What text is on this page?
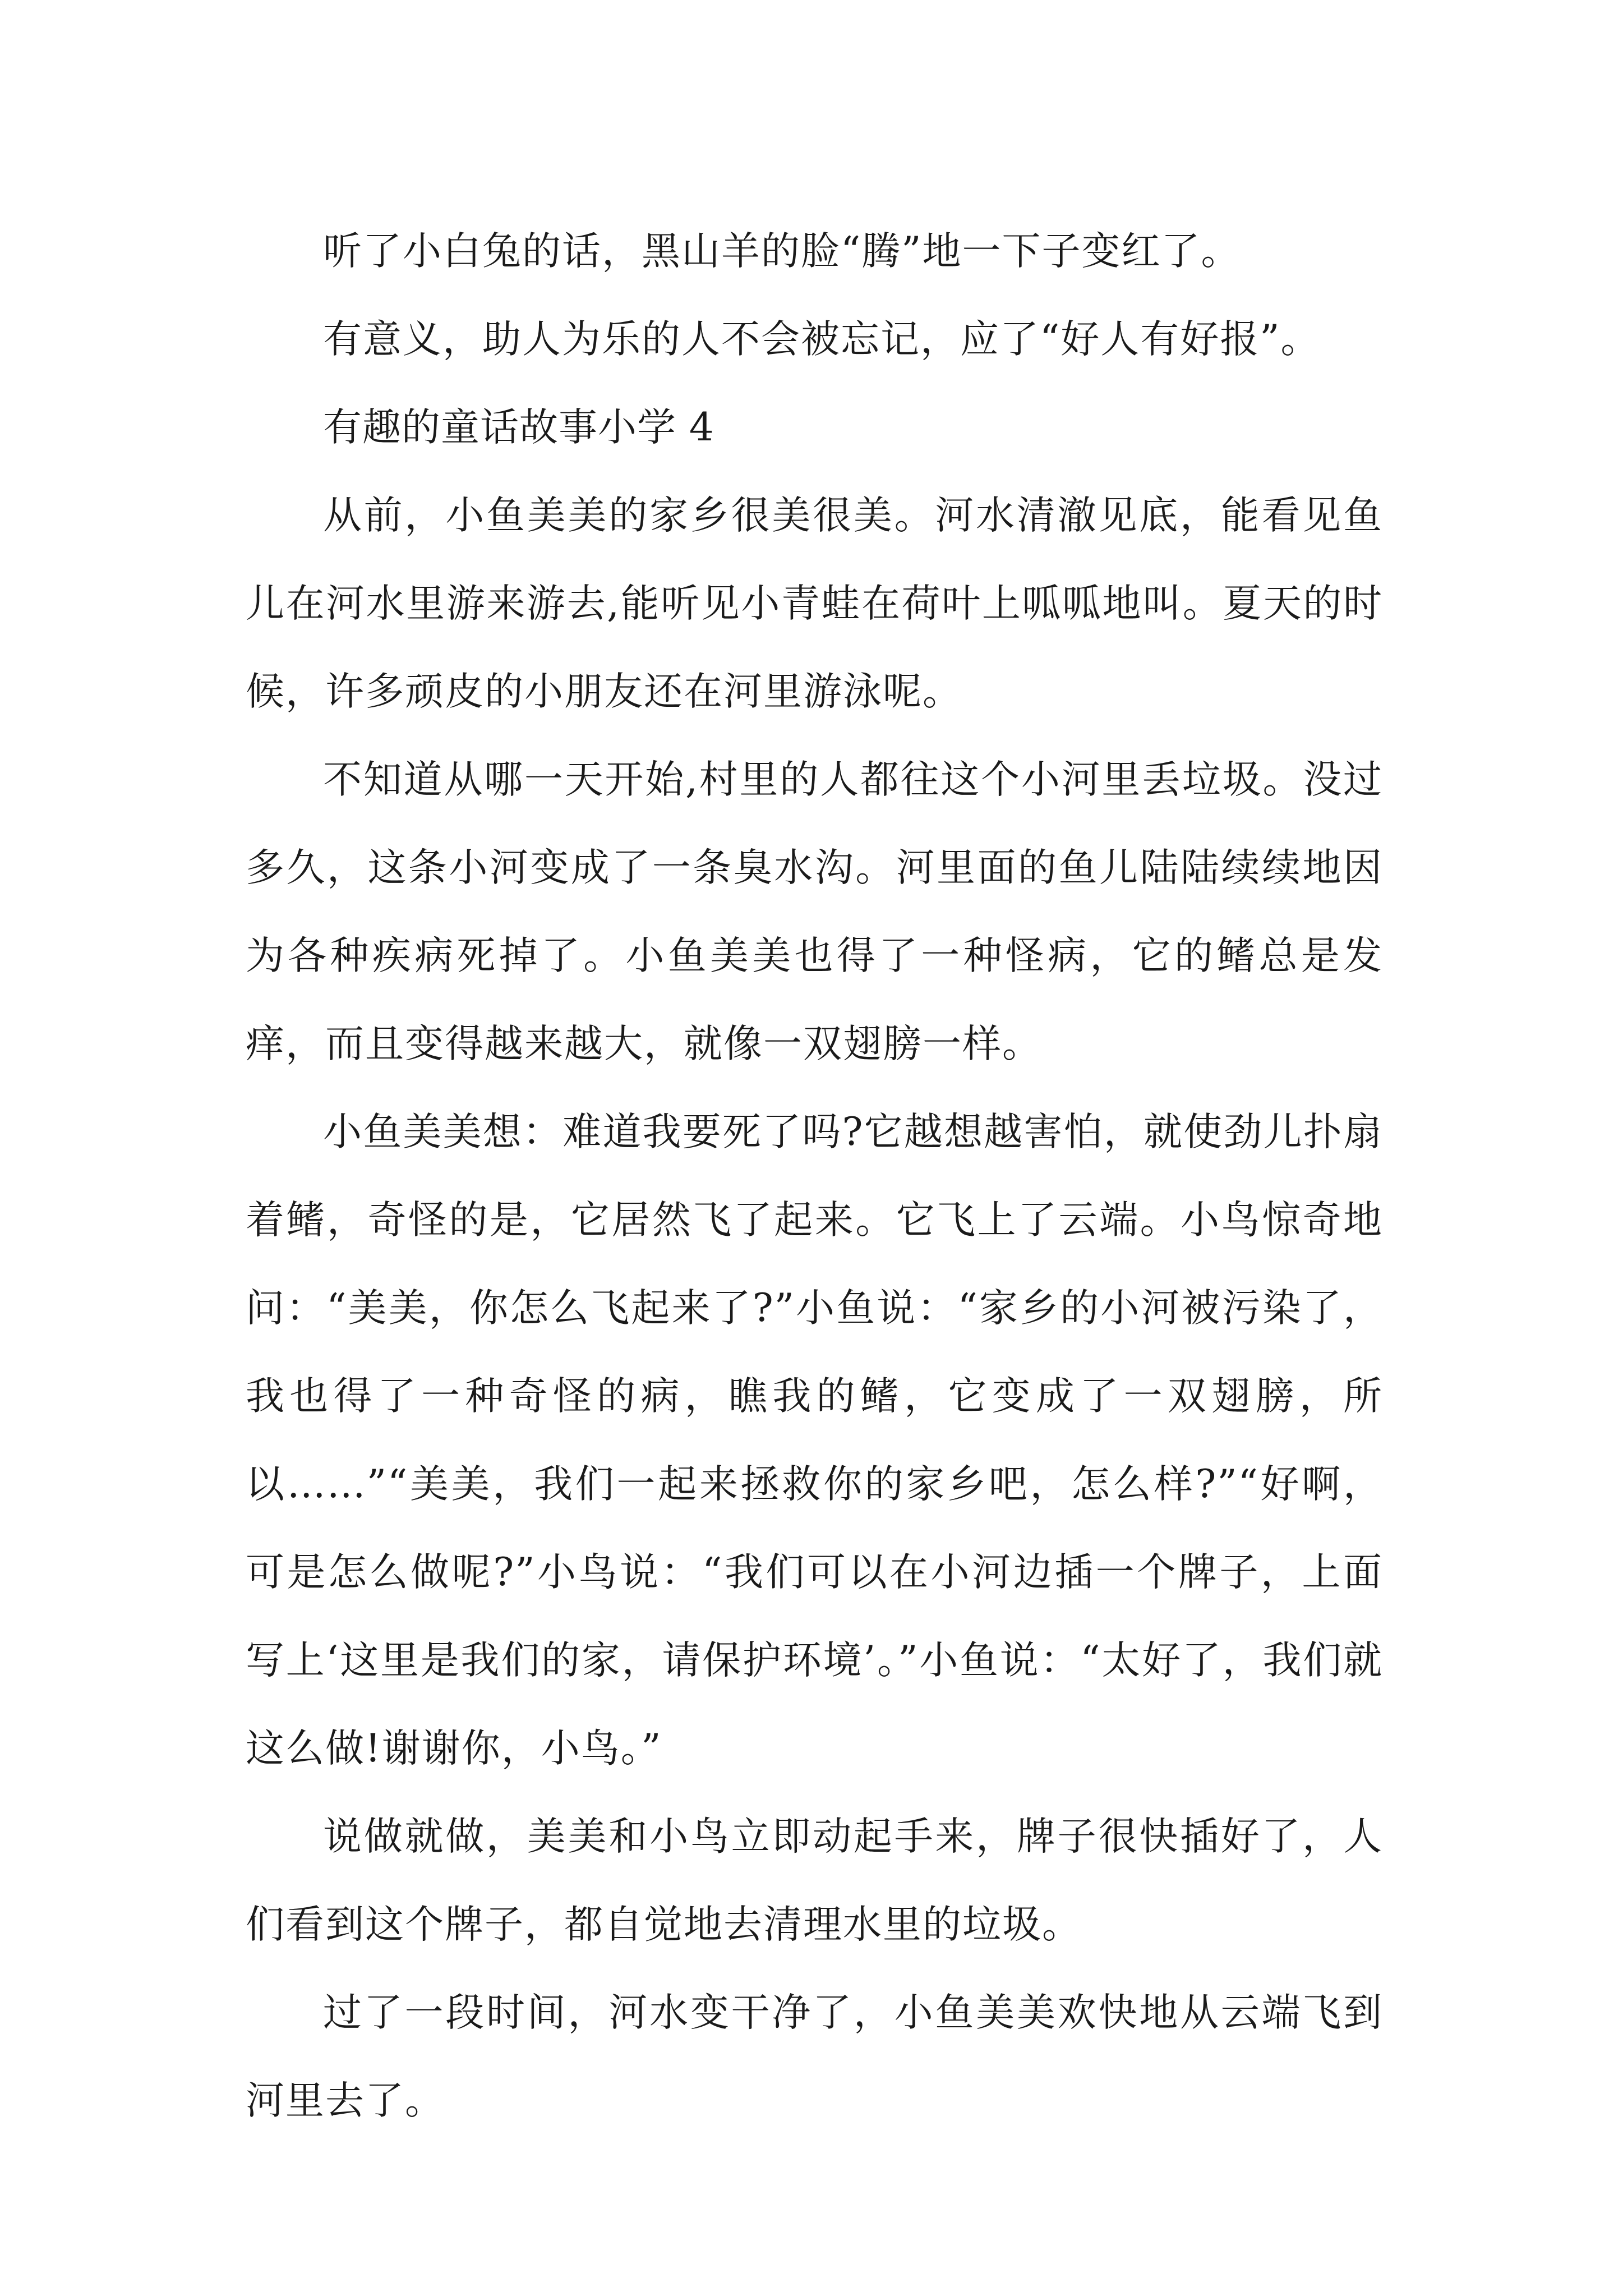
听了小白兔的话，黑山羊的脸“腾”地一下子变红了。

有意义，助人为乐的人不会被忘记，应了“好人有好报”。

有趣的童话故事小学 4

从前，小鱼美美的家乡很美很美。河水清澈见底，能看见鱼儿在河水里游来游去,能听见小青蛙在荷叶上呱呱地叫。夏天的时候，许多顽皮的小朋友还在河里游泳呢。

不知道从哪一天开始,村里的人都往这个小河里丢垃圾。没过多久，这条小河变成了一条臭水沟。河里面的鱼儿陆陆续续地因为各种疾病死掉了。小鱼美美也得了一种怪病，它的鳍总是发痒，而且变得越来越大，就像一双翅膀一样。

小鱼美美想：难道我要死了吗?它越想越害怕，就使劲儿扑扇着鳍，奇怪的是，它居然飞了起来。它飞上了云端。小鸟惊奇地问：“美美，你怎么飞起来了?”小鱼说：“家乡的小河被污染了，我也得了一种奇怪的病，瞧我的鳍，它变成了一双翅膀，所以……”“美美，我们一起来拯救你的家乡吧，怎么样?”“好啊，可是怎么做呢?”小鸟说：“我们可以在小河边插一个牌子，上面写上‘这里是我们的家，请保护环境’。”小鱼说：“太好了，我们就这么做!谢谢你，小鸟。”

说做就做，美美和小鸟立即动起手来，牌子很快插好了，人们看到这个牌子，都自觉地去清理水里的垃圾。

过了一段时间，河水变干净了，小鱼美美欢快地从云端飞到河里去了。
